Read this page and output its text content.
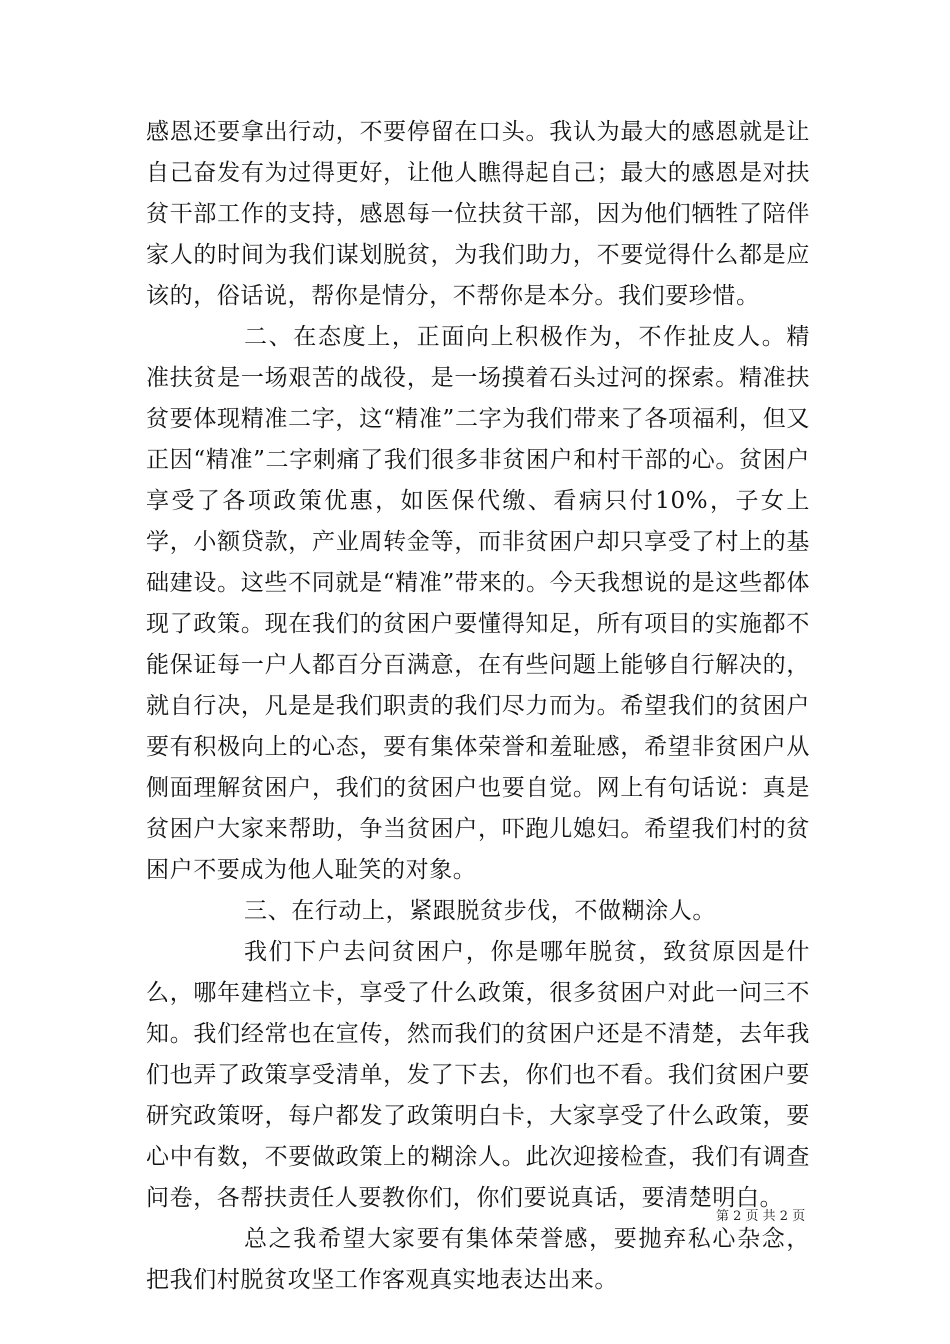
感恩还要拿出行动，不要停留在口头。我认为最大的感恩就是让自己奋发有为过得更好，让他人瞧得起自己；最大的感恩是对扶贫干部工作的支持，感恩每一位扶贫干部，因为他们牺牲了陪伴家人的时间为我们谋划脱贫，为我们助力，不要觉得什么都是应该的，俗话说，帮你是情分，不帮你是本分。我们要珍惜。

二、在态度上，正面向上积极作为，不作扯皮人。精准扶贫是一场艰苦的战役，是一场摸着石头过河的探索。精准扶贫要体现精准二字，这“精准”二字为我们带来了各项福利，但又正因“精准”二字刺痛了我们很多非贫困户和村干部的心。贫困户享受了各项政策优惠，如医保代缴、看病只付10%，子女上学，小额贷款，产业周转金等，而非贫困户却只享受了村上的基础建设。这些不同就是“精准”带来的。今天我想说的是这些都体现了政策。现在我们的贫困户要懂得知足，所有项目的实施都不能保证每一户人都百分百满意，在有些问题上能够自行解决的，就自行决，凡是是我们职责的我们尽力而为。希望我们的贫困户要有积极向上的心态，要有集体荣誉和羞耻感，希望非贫困户从侧面理解贫困户，我们的贫困户也要自觉。网上有句话说：真是贫困户大家来帮助，争当贫困户，吓跑儿媳妇。希望我们村的贫困户不要成为他人耻笑的对象。

三、在行动上，紧跟脱贫步伐，不做糊涂人。

我们下户去问贫困户，你是哪年脱贫，致贫原因是什么，哪年建档立卡，享受了什么政策，很多贫困户对此一问三不知。我们经常也在宣传，然而我们的贫困户还是不清楚，去年我们也弄了政策享受清单，发了下去，你们也不看。我们贫困户要研究政策呀，每户都发了政策明白卡，大家享受了什么政策，要心中有数，不要做政策上的糊涂人。此次迎接检查，我们有调查问卷，各帮扶责任人要教你们，你们要说真话，要清楚明白。

总之我希望大家要有集体荣誉感，要抛弃私心杂念，把我们村脱贫攻坚工作客观真实地表达出来。

第 2 页 共 2 页
